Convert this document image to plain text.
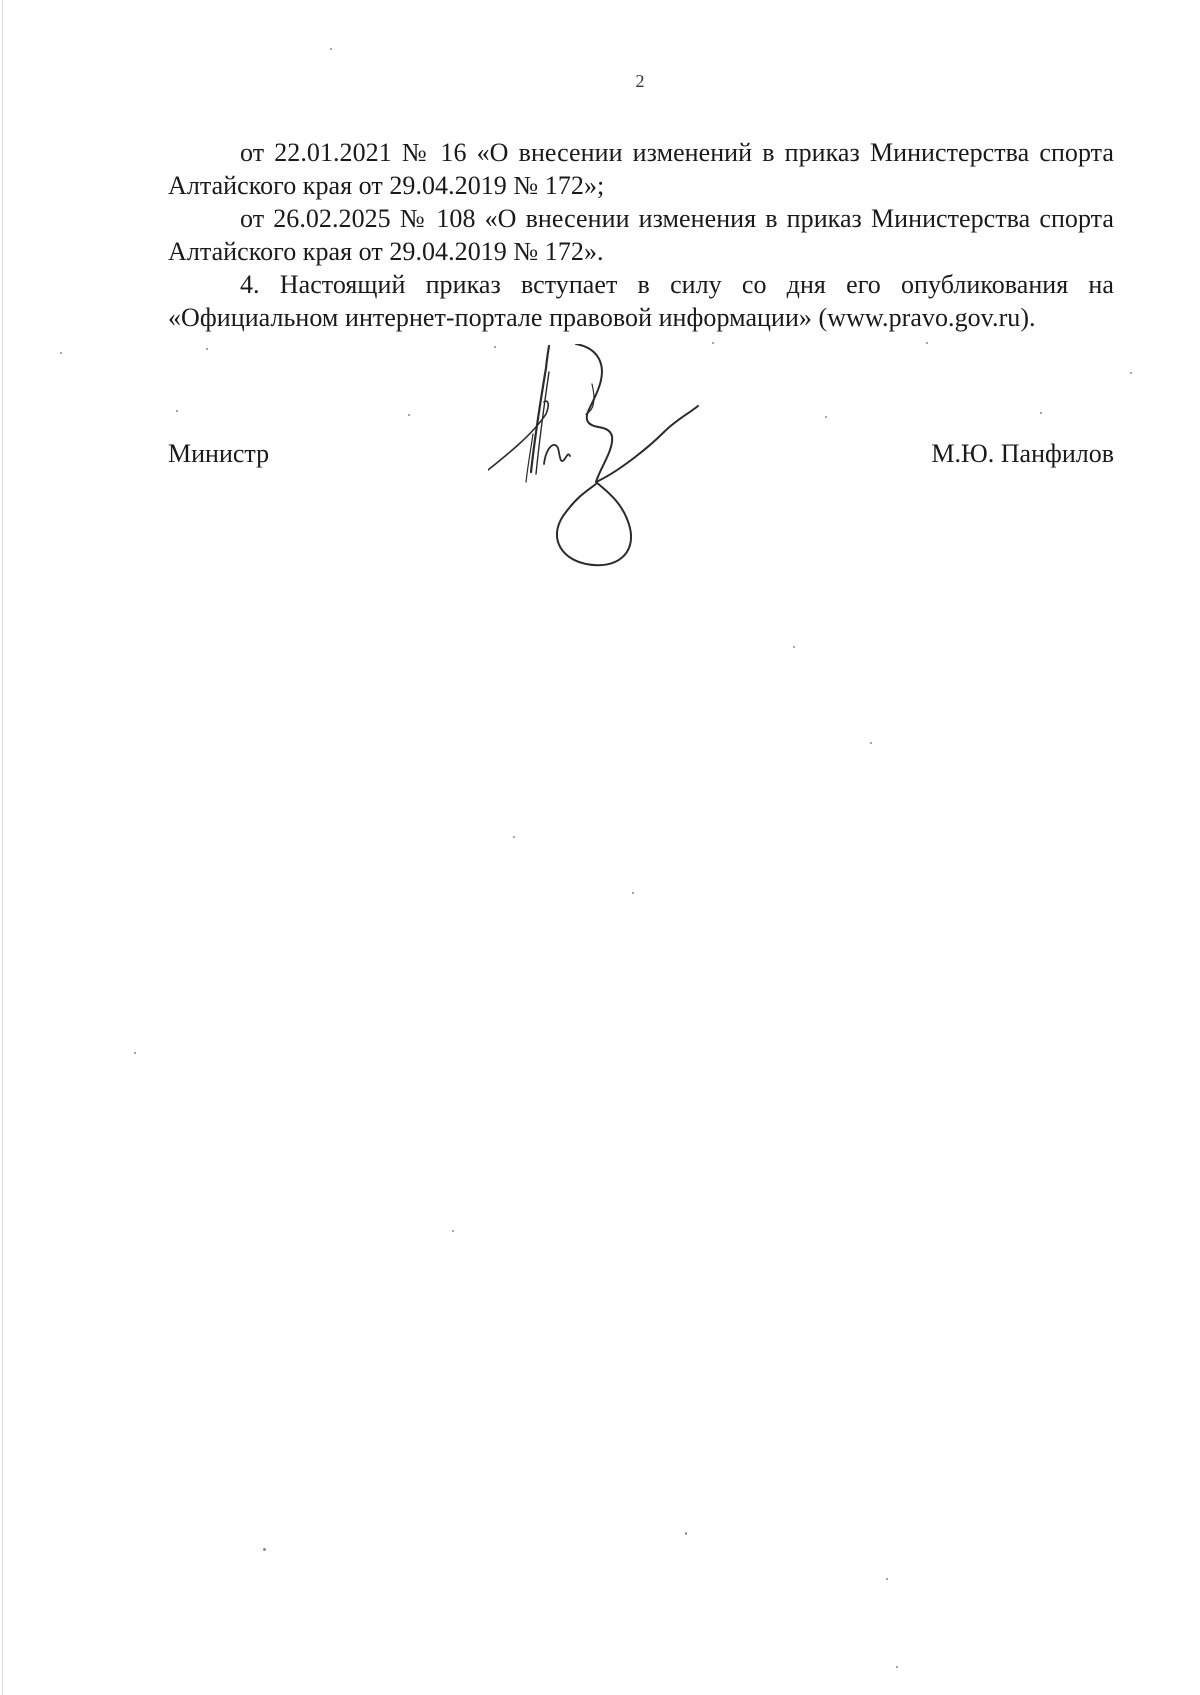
2

от 22.01.2021 № 16 «О внесении изменений в приказ Министерства спорта Алтайского края от 29.04.2019 № 172»;

от 26.02.2025 № 108 «О внесении изменения в приказ Министерства спорта Алтайского края от 29.04.2019 № 172».

4. Настоящий приказ вступает в силу со дня его опубликования на «Официальном интернет-портале правовой информации» (www.pravo.gov.ru).

Министр	М.Ю. Панфилов
